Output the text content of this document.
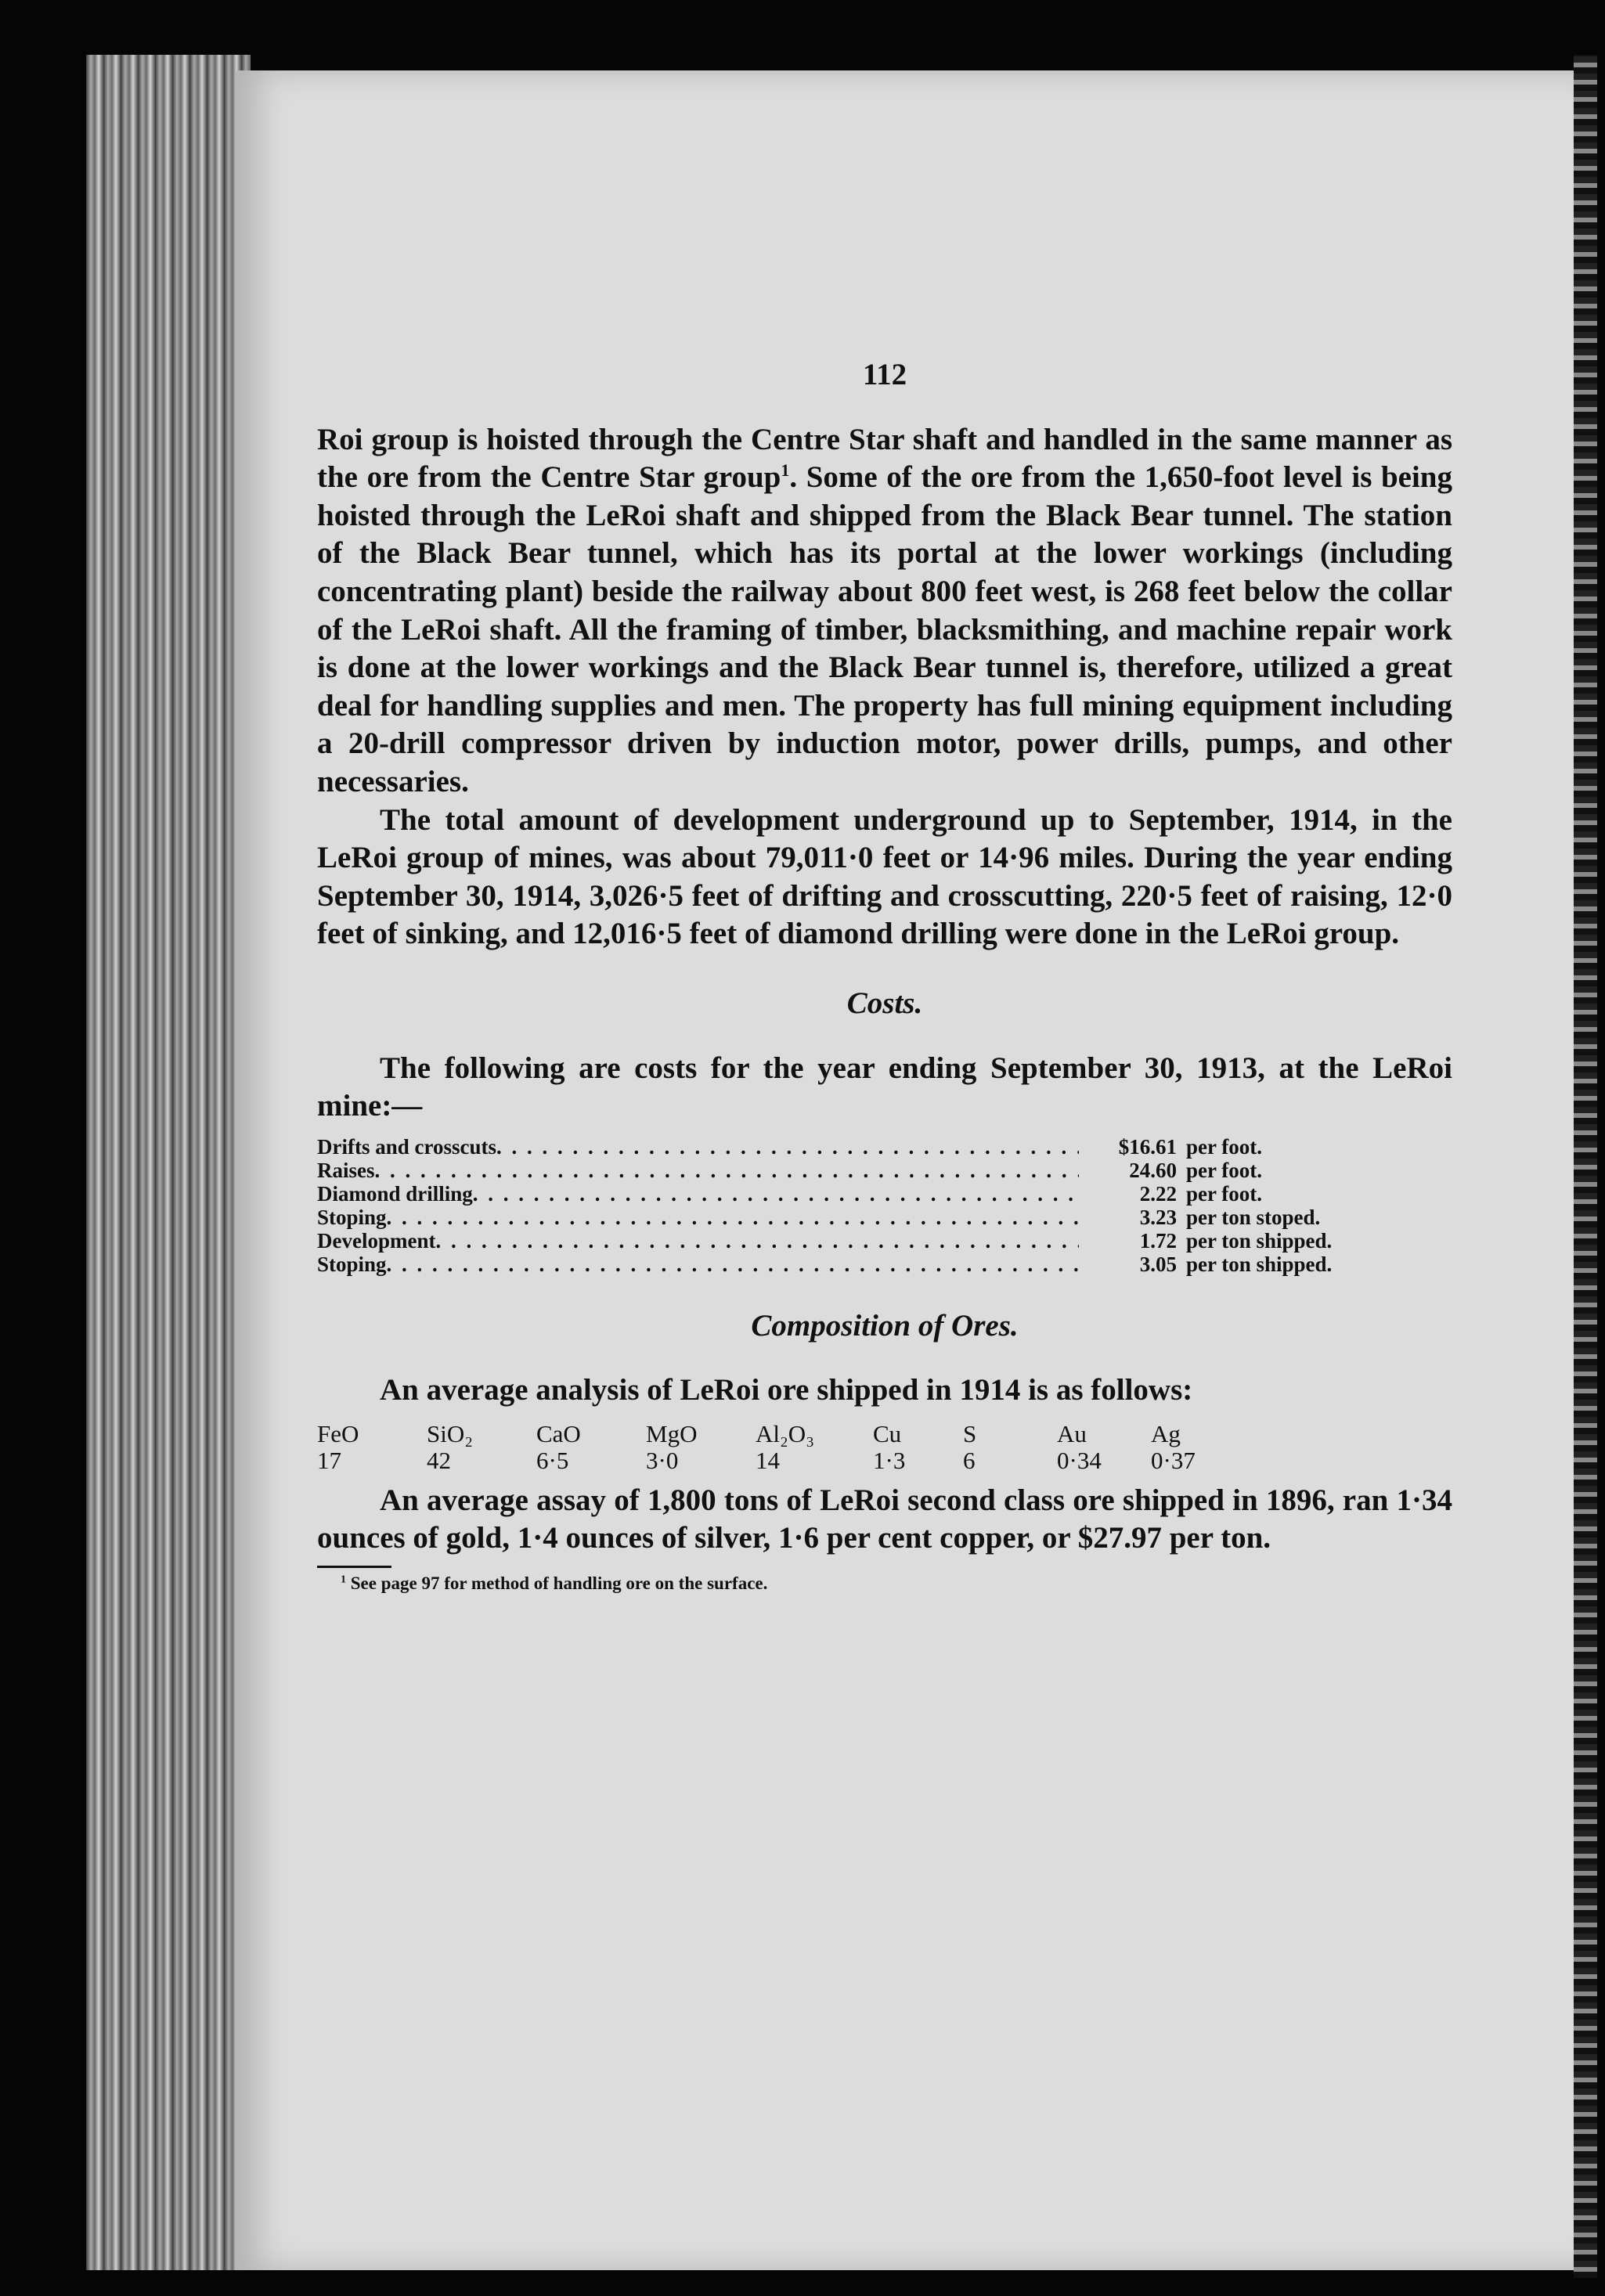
112

Roi group is hoisted through the Centre Star shaft and handled in the same manner as the ore from the Centre Star group$^1$. Some of the ore from the 1,650-foot level is being hoisted through the LeRoi shaft and shipped from the Black Bear tunnel. The station of the Black Bear tunnel, which has its portal at the lower workings (including concentrating plant) beside the railway about 800 feet west, is 268 feet below the collar of the LeRoi shaft. All the framing of timber, blacksmithing, and machine repair work is done at the lower workings and the Black Bear tunnel is, therefore, utilized a great deal for handling supplies and men. The property has full mining equipment including a 20-drill compressor driven by induction motor, power drills, pumps, and other necessaries.

The total amount of development underground up to September, 1914, in the LeRoi group of mines, was about 79,011·0 feet or 14·96 miles. During the year ending September 30, 1914, 3,026·5 feet of drifting and crosscutting, 220·5 feet of raising, 12·0 feet of sinking, and 12,016·5 feet of diamond drilling were done in the LeRoi group.

Costs.

The following are costs for the year ending September 30, 1913, at the LeRoi mine:—

Drifts and crosscuts . . .	$16.61 per foot.
Raises . . .	24.60 per foot.
Diamond drilling . . .	2.22 per foot.
Stoping . . .	3.23 per ton stoped.
Development . . .	1.72 per ton shipped.
Stoping . . .	3.05 per ton shipped.
Composition of Ores.

An average analysis of LeRoi ore shipped in 1914 is as follows:

FeO	SiO₂	CaO	MgO	Al₂O₃	Cu	S	Au	Ag
17	42	6·5	3·0	14	1·3	6	0·34	0·37

An average assay of 1,800 tons of LeRoi second class ore shipped in 1896, ran 1·34 ounces of gold, 1·4 ounces of silver, 1·6 per cent copper, or $27.97 per ton.

$^1$ See page 97 for method of handling ore on the surface.
